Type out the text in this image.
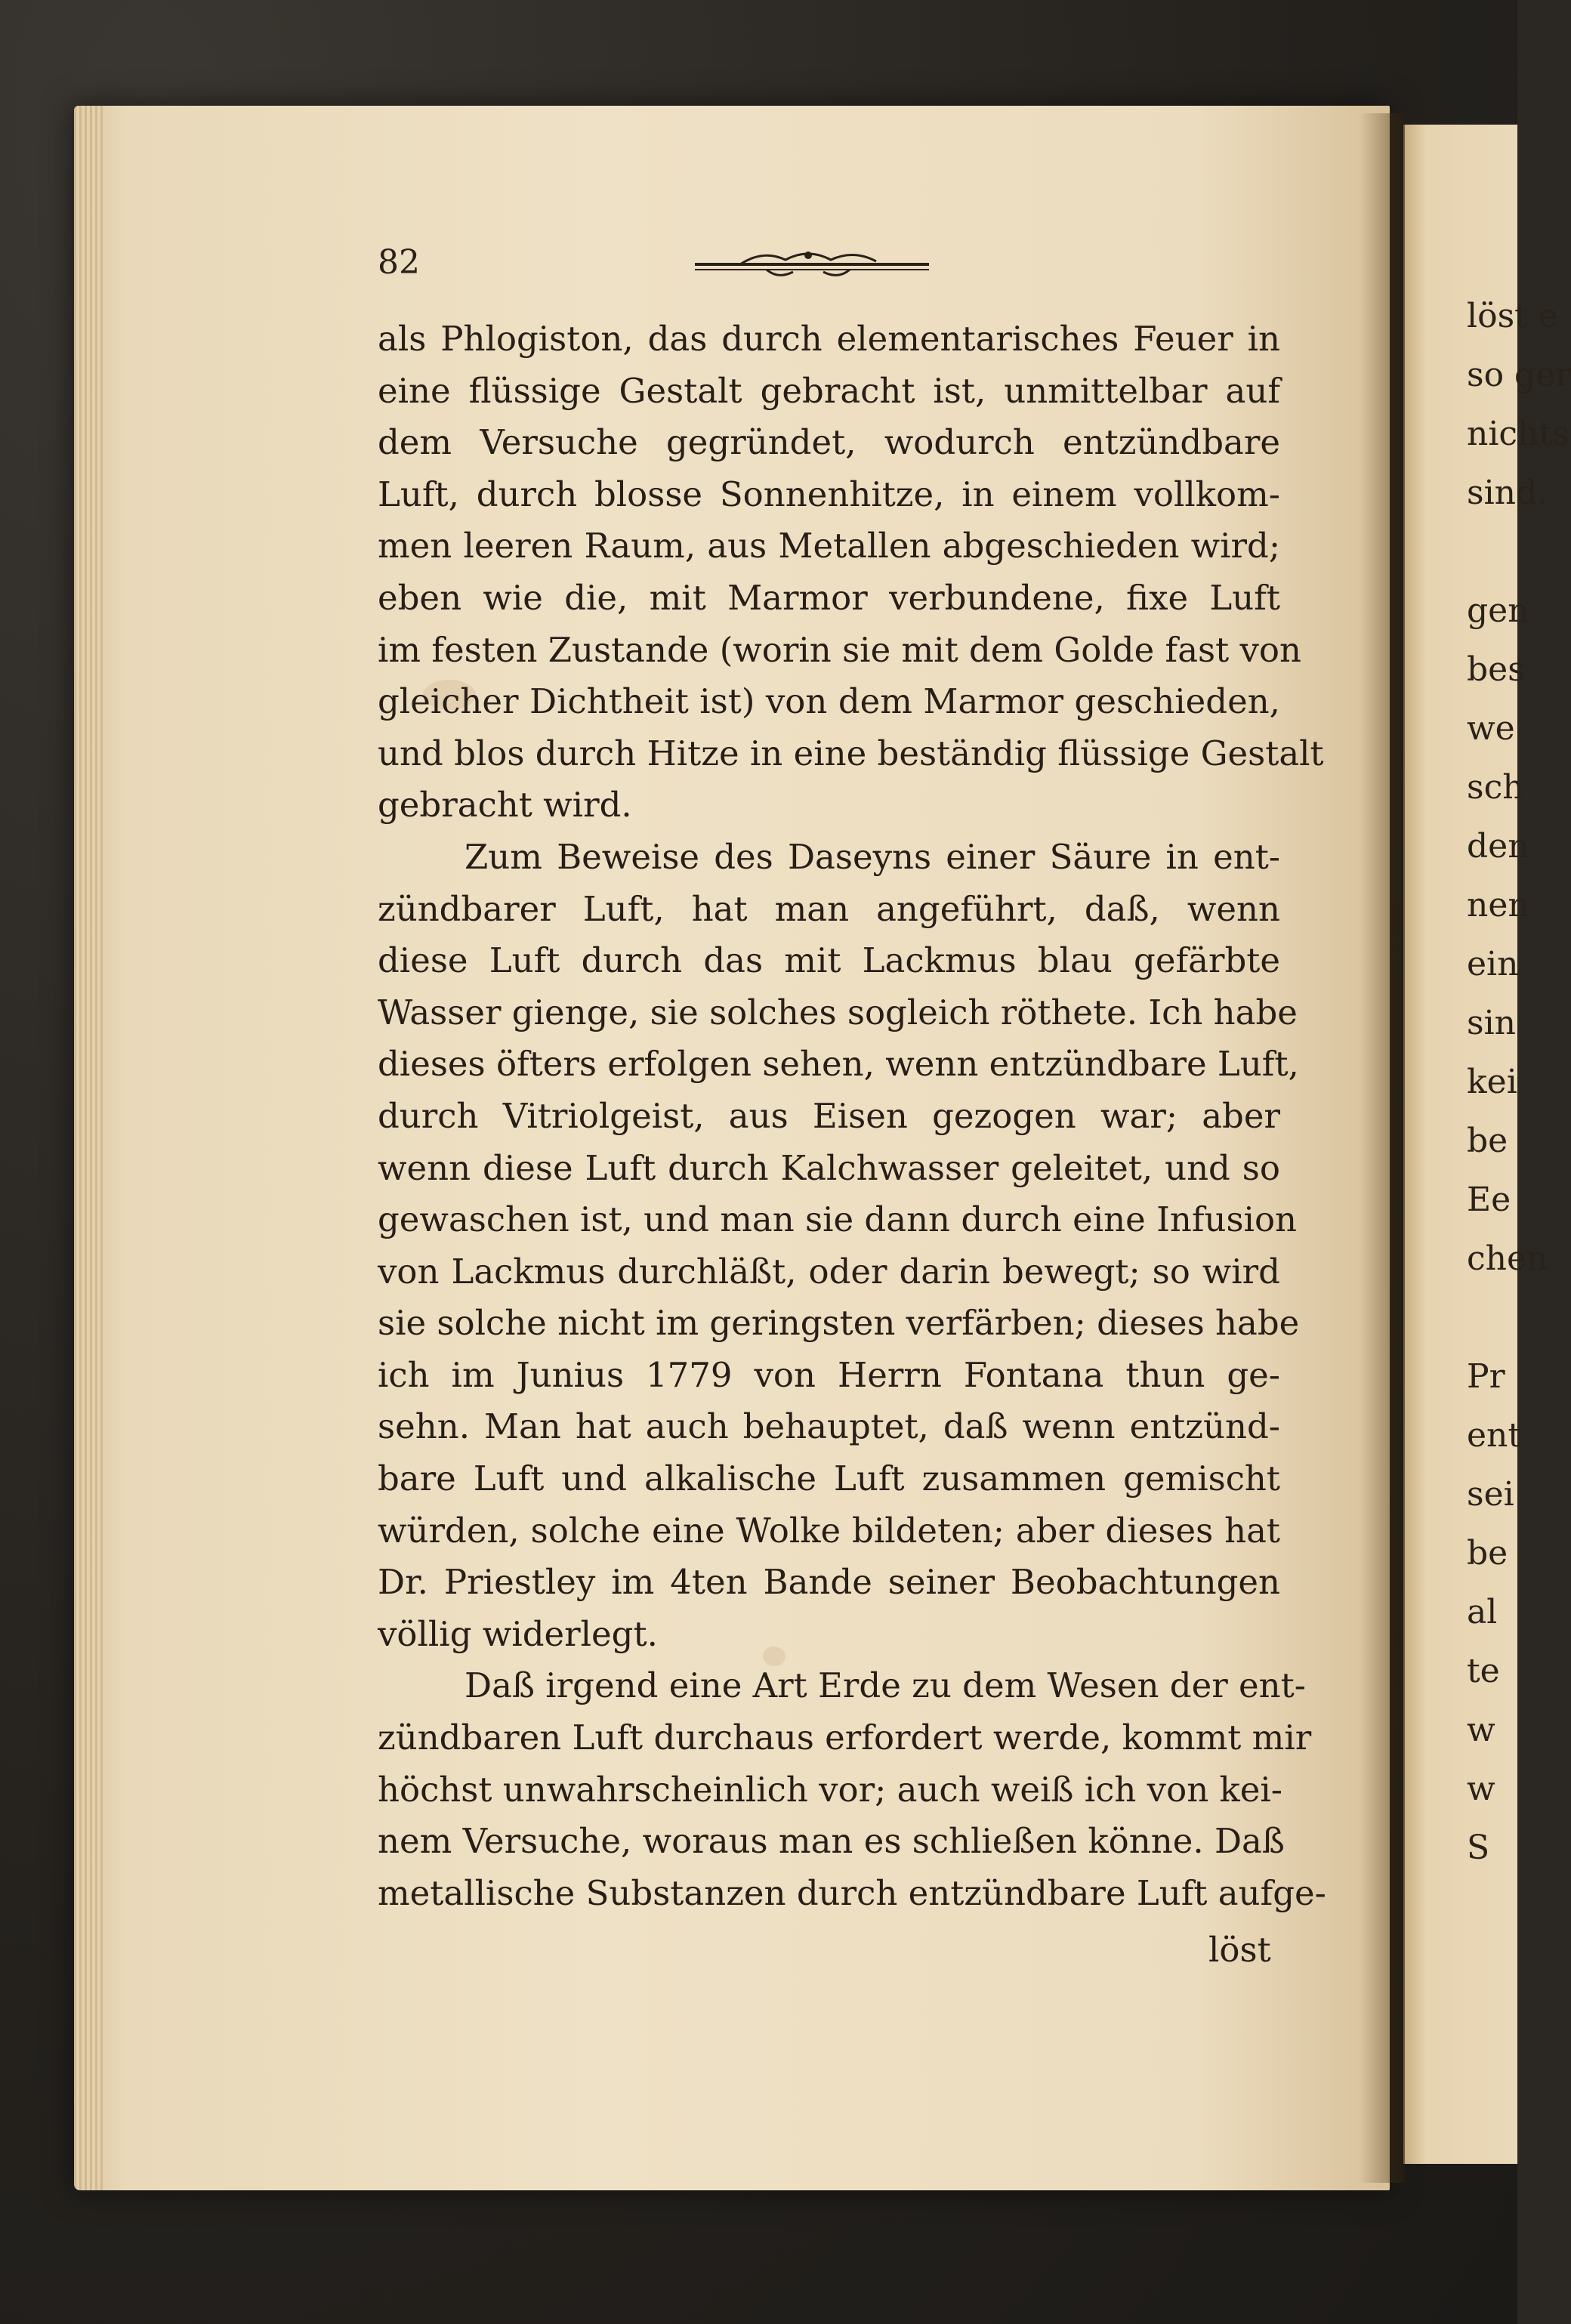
82
als Phlogiston, das durch elementarisches Feuer in
eine flüssige Gestalt gebracht ist, unmittelbar auf
dem Versuche gegründet, wodurch entzündbare
Luft, durch blosse Sonnenhitze, in einem vollkom-
men leeren Raum, aus Metallen abgeschieden wird;
eben wie die, mit Marmor verbundene, fixe Luft
im festen Zustande (worin sie mit dem Golde fast von
gleicher Dichtheit ist) von dem Marmor geschieden,
und blos durch Hitze in eine beständig flüssige Gestalt
gebracht wird.
Zum Beweise des Daseyns einer Säure in ent-
zündbarer Luft, hat man angeführt, daß, wenn
diese Luft durch das mit Lackmus blau gefärbte
Wasser gienge, sie solches sogleich röthete. Ich habe
dieses öfters erfolgen sehen, wenn entzündbare Luft,
durch Vitriolgeist, aus Eisen gezogen war; aber
wenn diese Luft durch Kalchwasser geleitet, und so
gewaschen ist, und man sie dann durch eine Infusion
von Lackmus durchläßt, oder darin bewegt; so wird
sie solche nicht im geringsten verfärben; dieses habe
ich im Junius 1779 von Herrn Fontana thun ge-
sehn. Man hat auch behauptet, daß wenn entzünd-
bare Luft und alkalische Luft zusammen gemischt
würden, solche eine Wolke bildeten; aber dieses hat
Dr. Priestley im 4ten Bande seiner Beobachtungen
völlig widerlegt.
Daß irgend eine Art Erde zu dem Wesen der ent-
zündbaren Luft durchaus erfordert werde, kommt mir
höchst unwahrscheinlich vor; auch weiß ich von kei-
nem Versuche, woraus man es schließen könne. Daß
metallische Substanzen durch entzündbare Luft aufge-
löst
löst e
so ger
nichts
sind.
gen
bes
we
sch
den
nen
ein
sin
kei
be
Ee
chen
Pr
ent
sei
be
al
te
w
w
S
